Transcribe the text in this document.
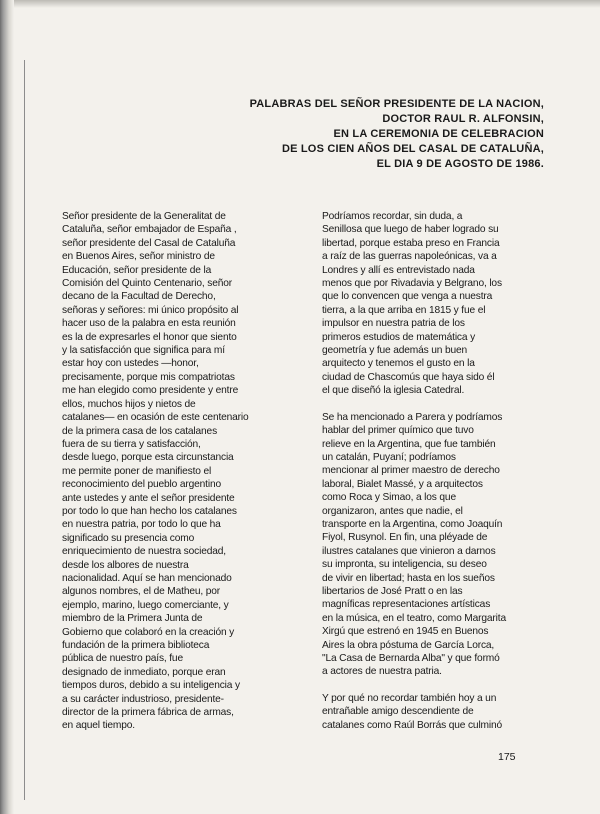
PALABRAS DEL SEÑOR PRESIDENTE DE LA NACION,
DOCTOR RAUL R. ALFONSIN,
EN LA CEREMONIA DE CELEBRACION
DE LOS CIEN AÑOS DEL CASAL DE CATALUÑA,
EL DIA 9 DE AGOSTO DE 1986.
Señor presidente de la Generalitat de
Cataluña, señor embajador de España ,
señor presidente del Casal de Cataluña
en Buenos Aires, señor ministro de
Educación, señor presidente de la
Comisión del Quinto Centenario, señor
decano de la Facultad de Derecho,
señoras y señores: mi único propósito al
hacer uso de la palabra en esta reunión
es la de expresarles el honor que siento
y la satisfacción que significa para mí
estar hoy con ustedes —honor,
precisamente, porque mis compatriotas
me han elegido como presidente y entre
ellos, muchos hijos y nietos de
catalanes— en ocasión de este centenario
de la primera casa de los catalanes
fuera de su tierra y satisfacción,
desde luego, porque esta circunstancia
me permite poner de manifiesto el
reconocimiento del pueblo argentino
ante ustedes y ante el señor presidente
por todo lo que han hecho los catalanes
en nuestra patria, por todo lo que ha
significado su presencia como
enriquecimiento de nuestra sociedad,
desde los albores de nuestra
nacionalidad. Aquí se han mencionado
algunos nombres, el de Matheu, por
ejemplo, marino, luego comerciante, y
miembro de la Primera Junta de
Gobierno que colaboró en la creación y
fundación de la primera biblioteca
pública de nuestro país, fue
designado de inmediato, porque eran
tiempos duros, debido a su inteligencia y
a su carácter industrioso, presidente-
director de la primera fábrica de armas,
en aquel tiempo.
Podríamos recordar, sin duda, a
Senillosa que luego de haber logrado su
libertad, porque estaba preso en Francia
a raíz de las guerras napoleónicas, va a
Londres y allí es entrevistado nada
menos que por Rivadavia y Belgrano, los
que lo convencen que venga a nuestra
tierra, a la que arriba en 1815 y fue el
impulsor en nuestra patria de los
primeros estudios de matemática y
geometría y fue además un buen
arquitecto y tenemos el gusto en la
ciudad de Chascomús que haya sido él
el que diseñó la iglesia Catedral.
Se ha mencionado a Parera y podríamos
hablar del primer químico que tuvo
relieve en la Argentina, que fue también
un catalán, Puyaní; podríamos
mencionar al primer maestro de derecho
laboral, Bialet Massé, y a arquitectos
como Roca y Simao, a los que
organizaron, antes que nadie, el
transporte en la Argentina, como Joaquín
Fiyol, Rusynol. En fin, una pléyade de
ilustres catalanes que vinieron a darnos
su impronta, su inteligencia, su deseo
de vivir en libertad; hasta en los sueños
libertarios de José Pratt o en las
magníficas representaciones artísticas
en la música, en el teatro, como Margarita
Xirgú que estrenó en 1945 en Buenos
Aires la obra póstuma de García Lorca,
"La Casa de Bernarda Alba" y que formó
a actores de nuestra patria.
Y por qué no recordar también hoy a un
entrañable amigo descendiente de
catalanes como Raúl Borrás que culminó
175
